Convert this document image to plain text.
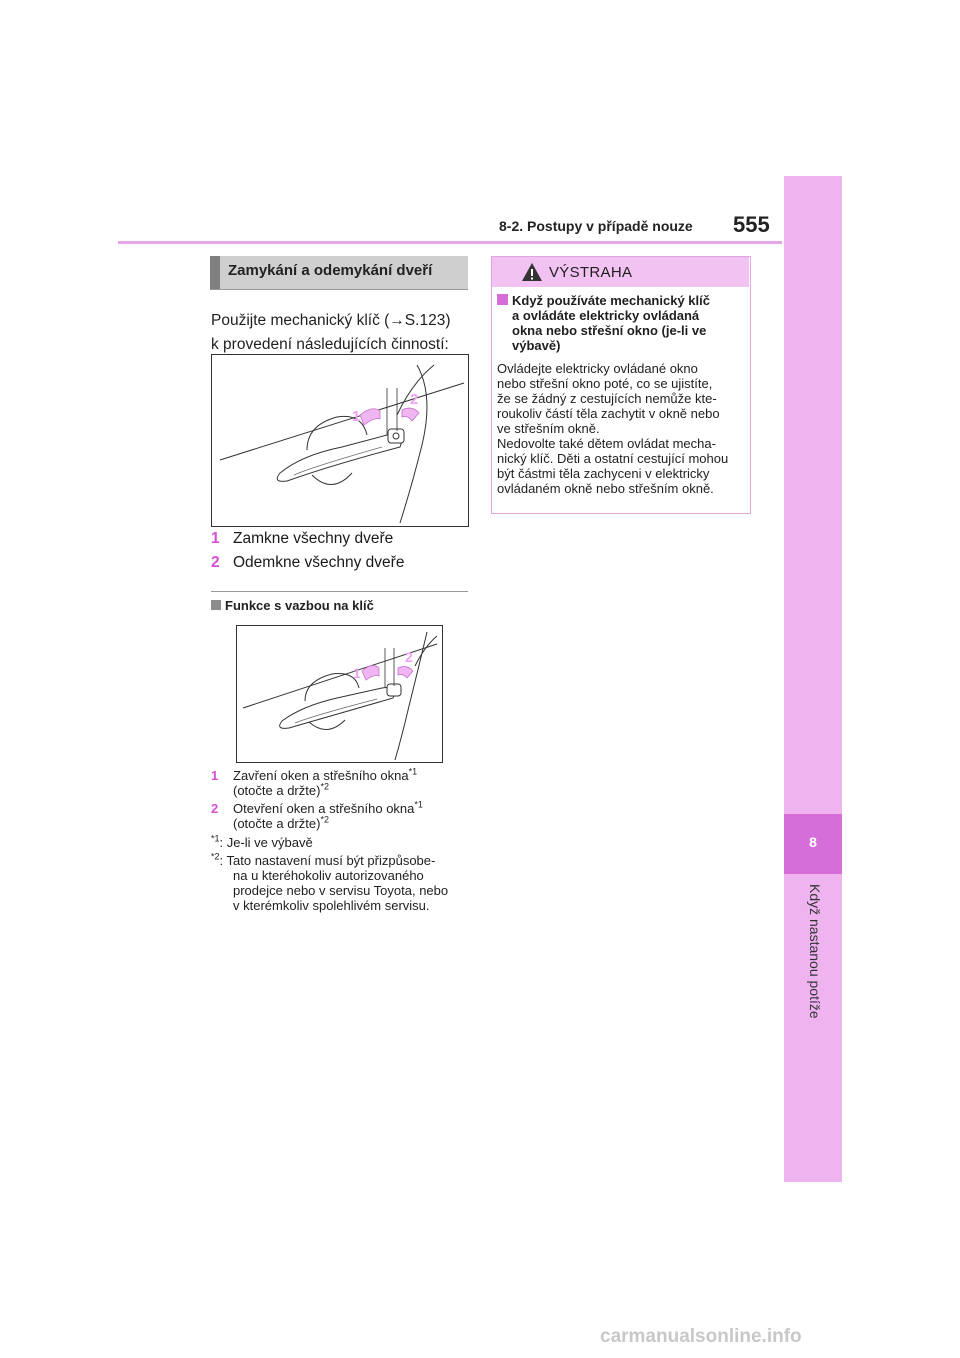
8-2. Postupy v případě nouze 555
8
Když nastanou potíže
Zamykání a odemykání dveří
Použijte mechanický klíč (→S.123)
k provedení následujících činností:
1
2
1 Zamkne všechny dveře
2 Odemkne všechny dveře
Funkce s vazbou na klíč
1
2
1 Zavření oken a střešního okna$^{*1}$
(otočte a držte)$^{*2}$
2 Otevření oken a střešního okna$^{*1}$
(otočte a držte)$^{*2}$
$^{*1}$: Je-li ve výbavě
$^{*2}$: Tato nastavení musí být přizpůsobe-
na u kteréhokoliv autorizovaného
prodejce nebo v servisu Toyota, nebo
v kterémkoliv spolehlivém servisu.
VÝSTRAHA
Když používáte mechanický klíč
a ovládáte elektricky ovládaná
okna nebo střešní okno (je-li ve
výbavě)
Ovládejte elektricky ovládané okno
nebo střešní okno poté, co se ujistíte,
že se žádný z cestujících nemůže kte-
roukoliv částí těla zachytit v okně nebo
ve střešním okně.
Nedovolte také dětem ovládat mecha-
nický klíč. Děti a ostatní cestující mohou
být částmi těla zachyceni v elektricky
ovládaném okně nebo střešním okně.
carmanualsonline.info
